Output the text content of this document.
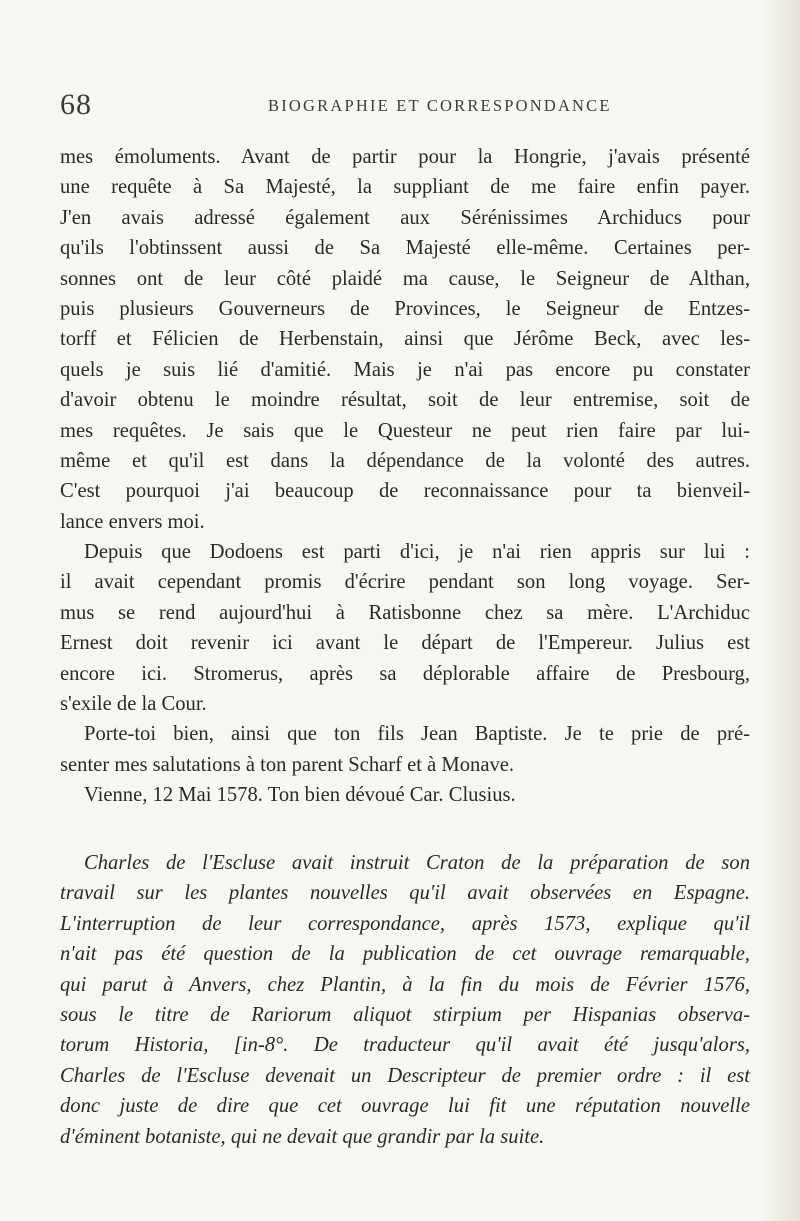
68	BIOGRAPHIE ET CORRESPONDANCE
mes émoluments. Avant de partir pour la Hongrie, j'avais présenté
une requête à Sa Majesté, la suppliant de me faire enfin payer.
J'en avais adressé également aux Sérénissimes Archiducs pour
qu'ils l'obtinssent aussi de Sa Majesté elle-même. Certaines per-
sonnes ont de leur côté plaidé ma cause, le Seigneur de Althan,
puis plusieurs Gouverneurs de Provinces, le Seigneur de Entzes-
torff et Félicien de Herbenstain, ainsi que Jérôme Beck, avec les-
quels je suis lié d'amitié. Mais je n'ai pas encore pu constater
d'avoir obtenu le moindre résultat, soit de leur entremise, soit de
mes requêtes. Je sais que le Questeur ne peut rien faire par lui-
même et qu'il est dans la dépendance de la volonté des autres.
C'est pourquoi j'ai beaucoup de reconnaissance pour ta bienveil-
lance envers moi.
Depuis que Dodoens est parti d'ici, je n'ai rien appris sur lui :
il avait cependant promis d'écrire pendant son long voyage. Ser-
mus se rend aujourd'hui à Ratisbonne chez sa mère. L'Archiduc
Ernest doit revenir ici avant le départ de l'Empereur. Julius est
encore ici. Stromerus, après sa déplorable affaire de Presbourg,
s'exile de la Cour.
Porte-toi bien, ainsi que ton fils Jean Baptiste. Je te prie de pré-
senter mes salutations à ton parent Scharf et à Monave.
Vienne, 12 Mai 1578. Ton bien dévoué Car. Clusius.
Charles de l'Escluse avait instruit Craton de la préparation de son
travail sur les plantes nouvelles qu'il avait observées en Espagne.
L'interruption de leur correspondance, après 1573, explique qu'il
n'ait pas été question de la publication de cet ouvrage remarquable,
qui parut à Anvers, chez Plantin, à la fin du mois de Février 1576,
sous le titre de Rariorum aliquot stirpium per Hispanias observa-
torum Historia, [in-8°. De traducteur qu'il avait été jusqu'alors,
Charles de l'Escluse devenait un Descripteur de premier ordre : il est
donc juste de dire que cet ouvrage lui fit une réputation nouvelle
d'éminent botaniste, qui ne devait que grandir par la suite.
